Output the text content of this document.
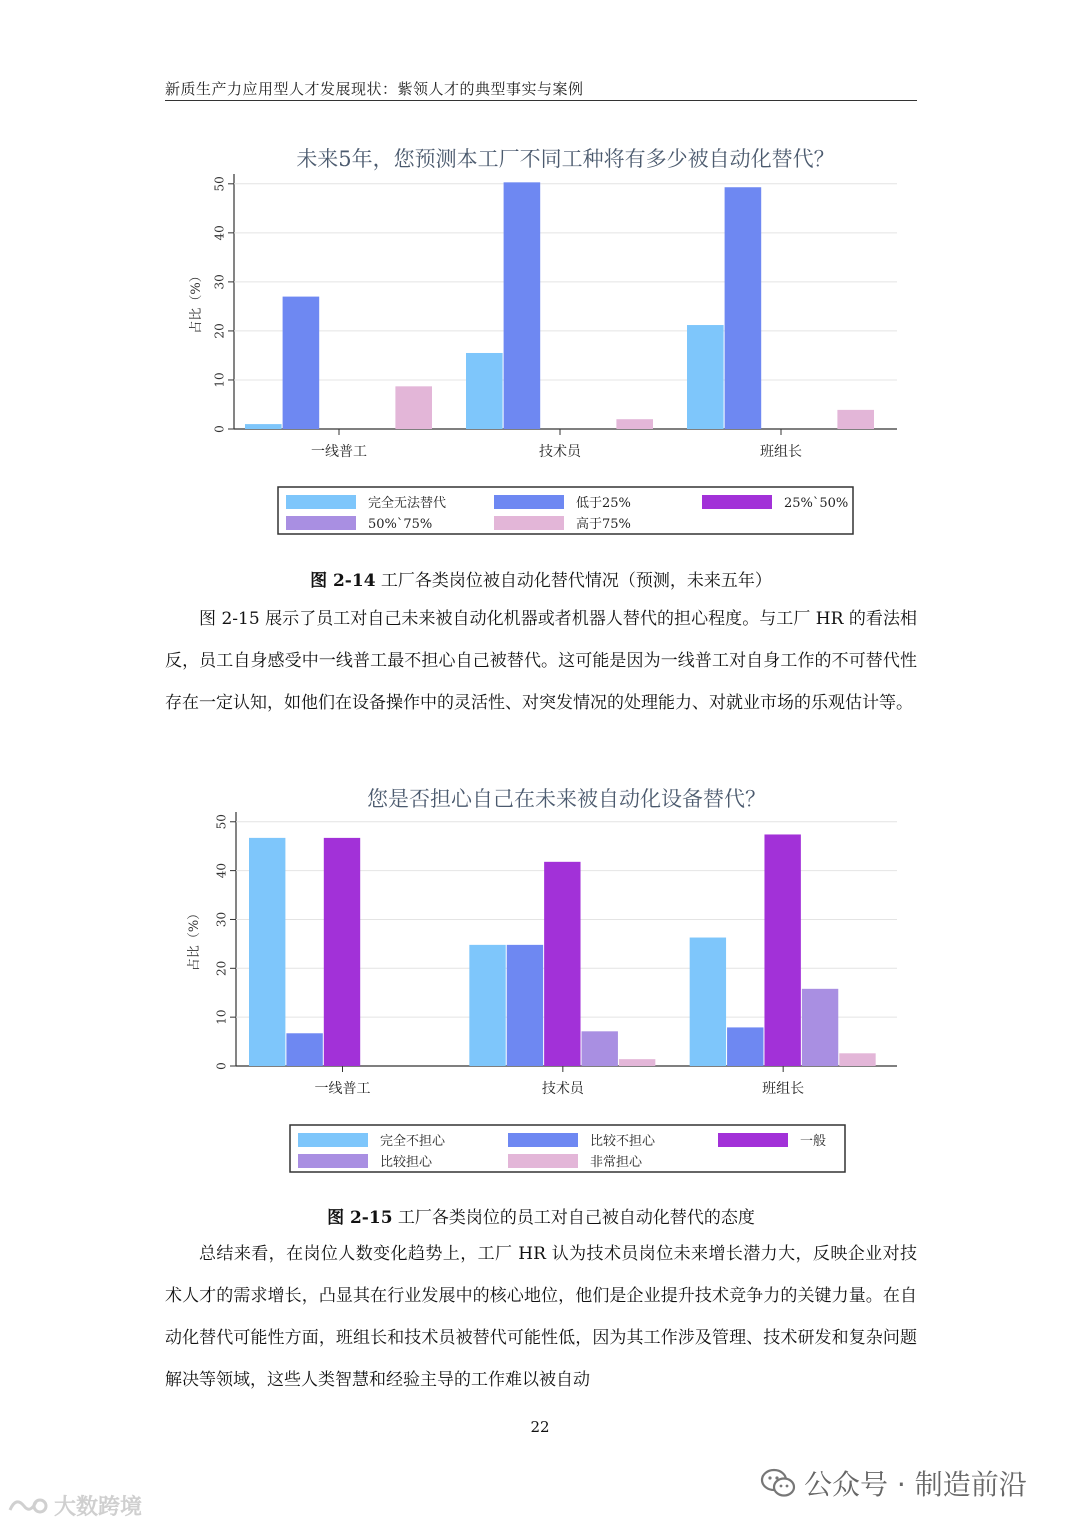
新质生产力应用型人才发展现状：紫领人才的典型事实与案例
未来5年，您预测本工厂不同工种将有多少被自动化替代？
0
10
20
30
40
50
占比（%）
一线普工	技术员	班组长
完全无法替代	低于25%	25%`50%
50%`75%	高于75%
图 2-14 工厂各类岗位被自动化替代情况（预测，未来五年）

图 2-15 展示了员工对自己未来被自动化机器或者机器人替代的担心程度。与工厂 HR 的看法相反，员工自身感受中一线普工最不担心自己被替代。这可能是因为一线普工对自身工作的不可替代性存在一定认知，如他们在设备操作中的灵活性、对突发情况的处理能力、对就业市场的乐观估计等。

您是否担心自己在未来被自动化设备替代？
0
10
20
30
40
50
占比（%）
一线普工	技术员	班组长
完全不担心	比较不担心	一般
比较担心	非常担心
图 2-15 工厂各类岗位的员工对自己被自动化替代的态度

总结来看，在岗位人数变化趋势上，工厂 HR 认为技术员岗位未来增长潜力大，反映企业对技术人才的需求增长，凸显其在行业发展中的核心地位，他们是企业提升技术竞争力的关键力量。在自动化替代可能性方面，班组长和技术员被替代可能性低，因为其工作涉及管理、技术研发和复杂问题解决等领域，这些人类智慧和经验主导的工作难以被自动

22
公众号 · 制造前沿
大数跨境
